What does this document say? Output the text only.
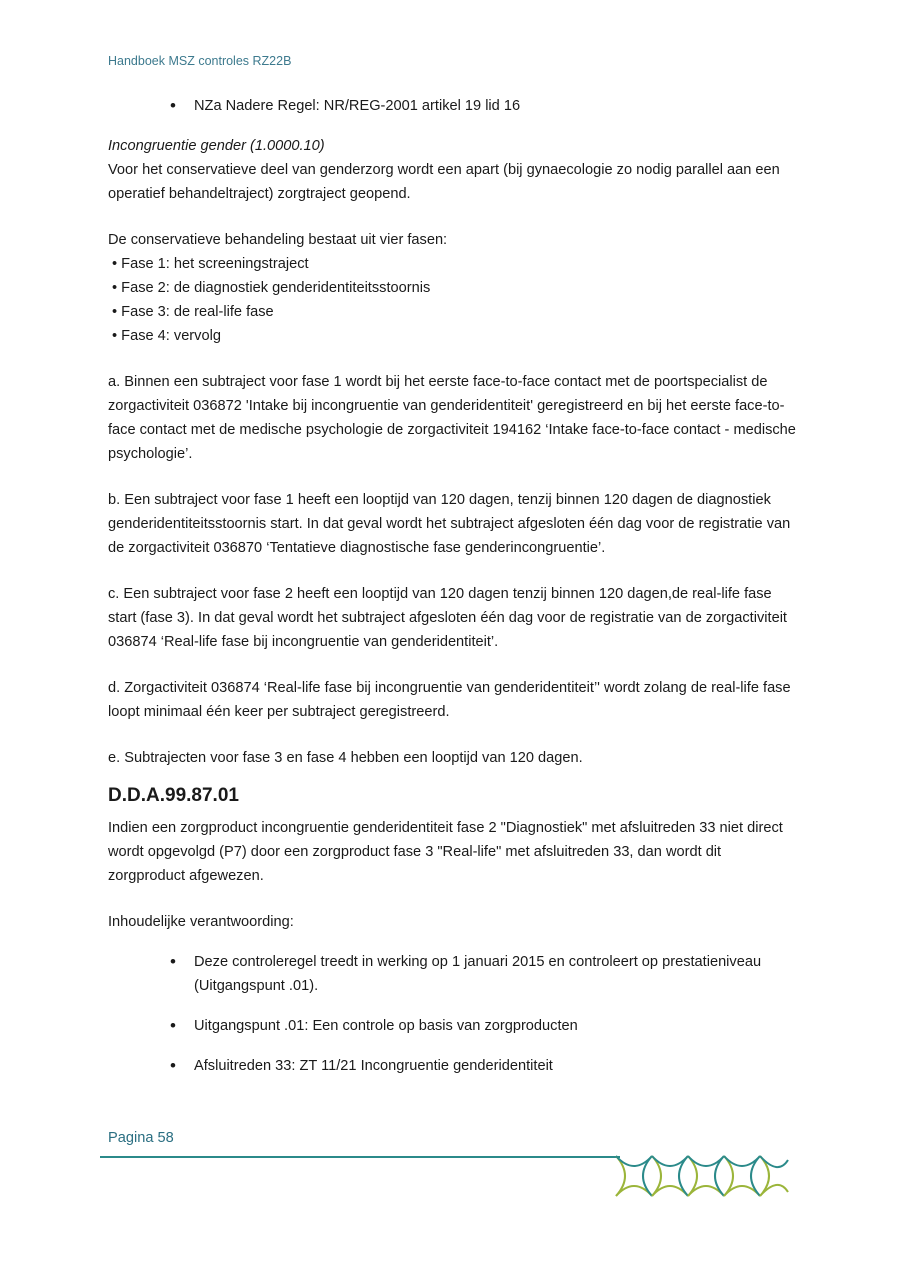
Handboek MSZ controles RZ22B

• NZa Nadere Regel: NR/REG-2001 artikel 19 lid 16

Incongruentie gender (1.0000.10)

Voor het conservatieve deel van genderzorg wordt een apart (bij gynaecologie zo nodig parallel aan een operatief behandeltraject) zorgtraject geopend.

De conservatieve behandeling bestaat uit vier fasen:

• Fase 1: het screeningstraject
• Fase 2: de diagnostiek genderidentiteitsstoornis
• Fase 3: de real-life fase
• Fase 4: vervolg

a. Binnen een subtraject voor fase 1 wordt bij het eerste face-to-face contact met de poortspecialist de zorgactiviteit 036872 'Intake bij incongruentie van genderidentiteit' geregistreerd en bij het eerste face-to-face contact met de medische psychologie de zorgactiviteit 194162 ‘Intake face-to-face contact - medische psychologie’.

b. Een subtraject voor fase 1 heeft een looptijd van 120 dagen, tenzij binnen 120 dagen de diagnostiek genderidentiteitsstoornis start. In dat geval wordt het subtraject afgesloten één dag voor de registratie van de zorgactiviteit 036870 ‘Tentatieve diagnostische fase genderincongruentie’.

c. Een subtraject voor fase 2 heeft een looptijd van 120 dagen tenzij binnen 120 dagen,de real-life fase start (fase 3). In dat geval wordt het subtraject afgesloten één dag voor de registratie van de zorgactiviteit 036874 ‘Real-life fase bij incongruentie van genderidentiteit’.

d. Zorgactiviteit 036874 ‘Real-life fase bij incongruentie van genderidentiteit’' wordt zolang de real-life fase loopt minimaal één keer per subtraject geregistreerd.

e. Subtrajecten voor fase 3 en fase 4 hebben een looptijd van 120 dagen.

D.D.A.99.87.01

Indien een zorgproduct incongruentie genderidentiteit fase 2 "Diagnostiek" met afsluitreden 33 niet direct wordt opgevolgd (P7) door een zorgproduct fase 3 "Real-life" met afsluitreden 33, dan wordt dit zorgproduct afgewezen.

Inhoudelijke verantwoording:

• Deze controleregel treedt in werking op 1 januari 2015 en controleert op prestatieniveau (Uitgangspunt .01).

• Uitgangspunt .01: Een controle op basis van zorgproducten

• Afsluitreden 33: ZT 11/21 Incongruentie genderidentiteit

Pagina 58
